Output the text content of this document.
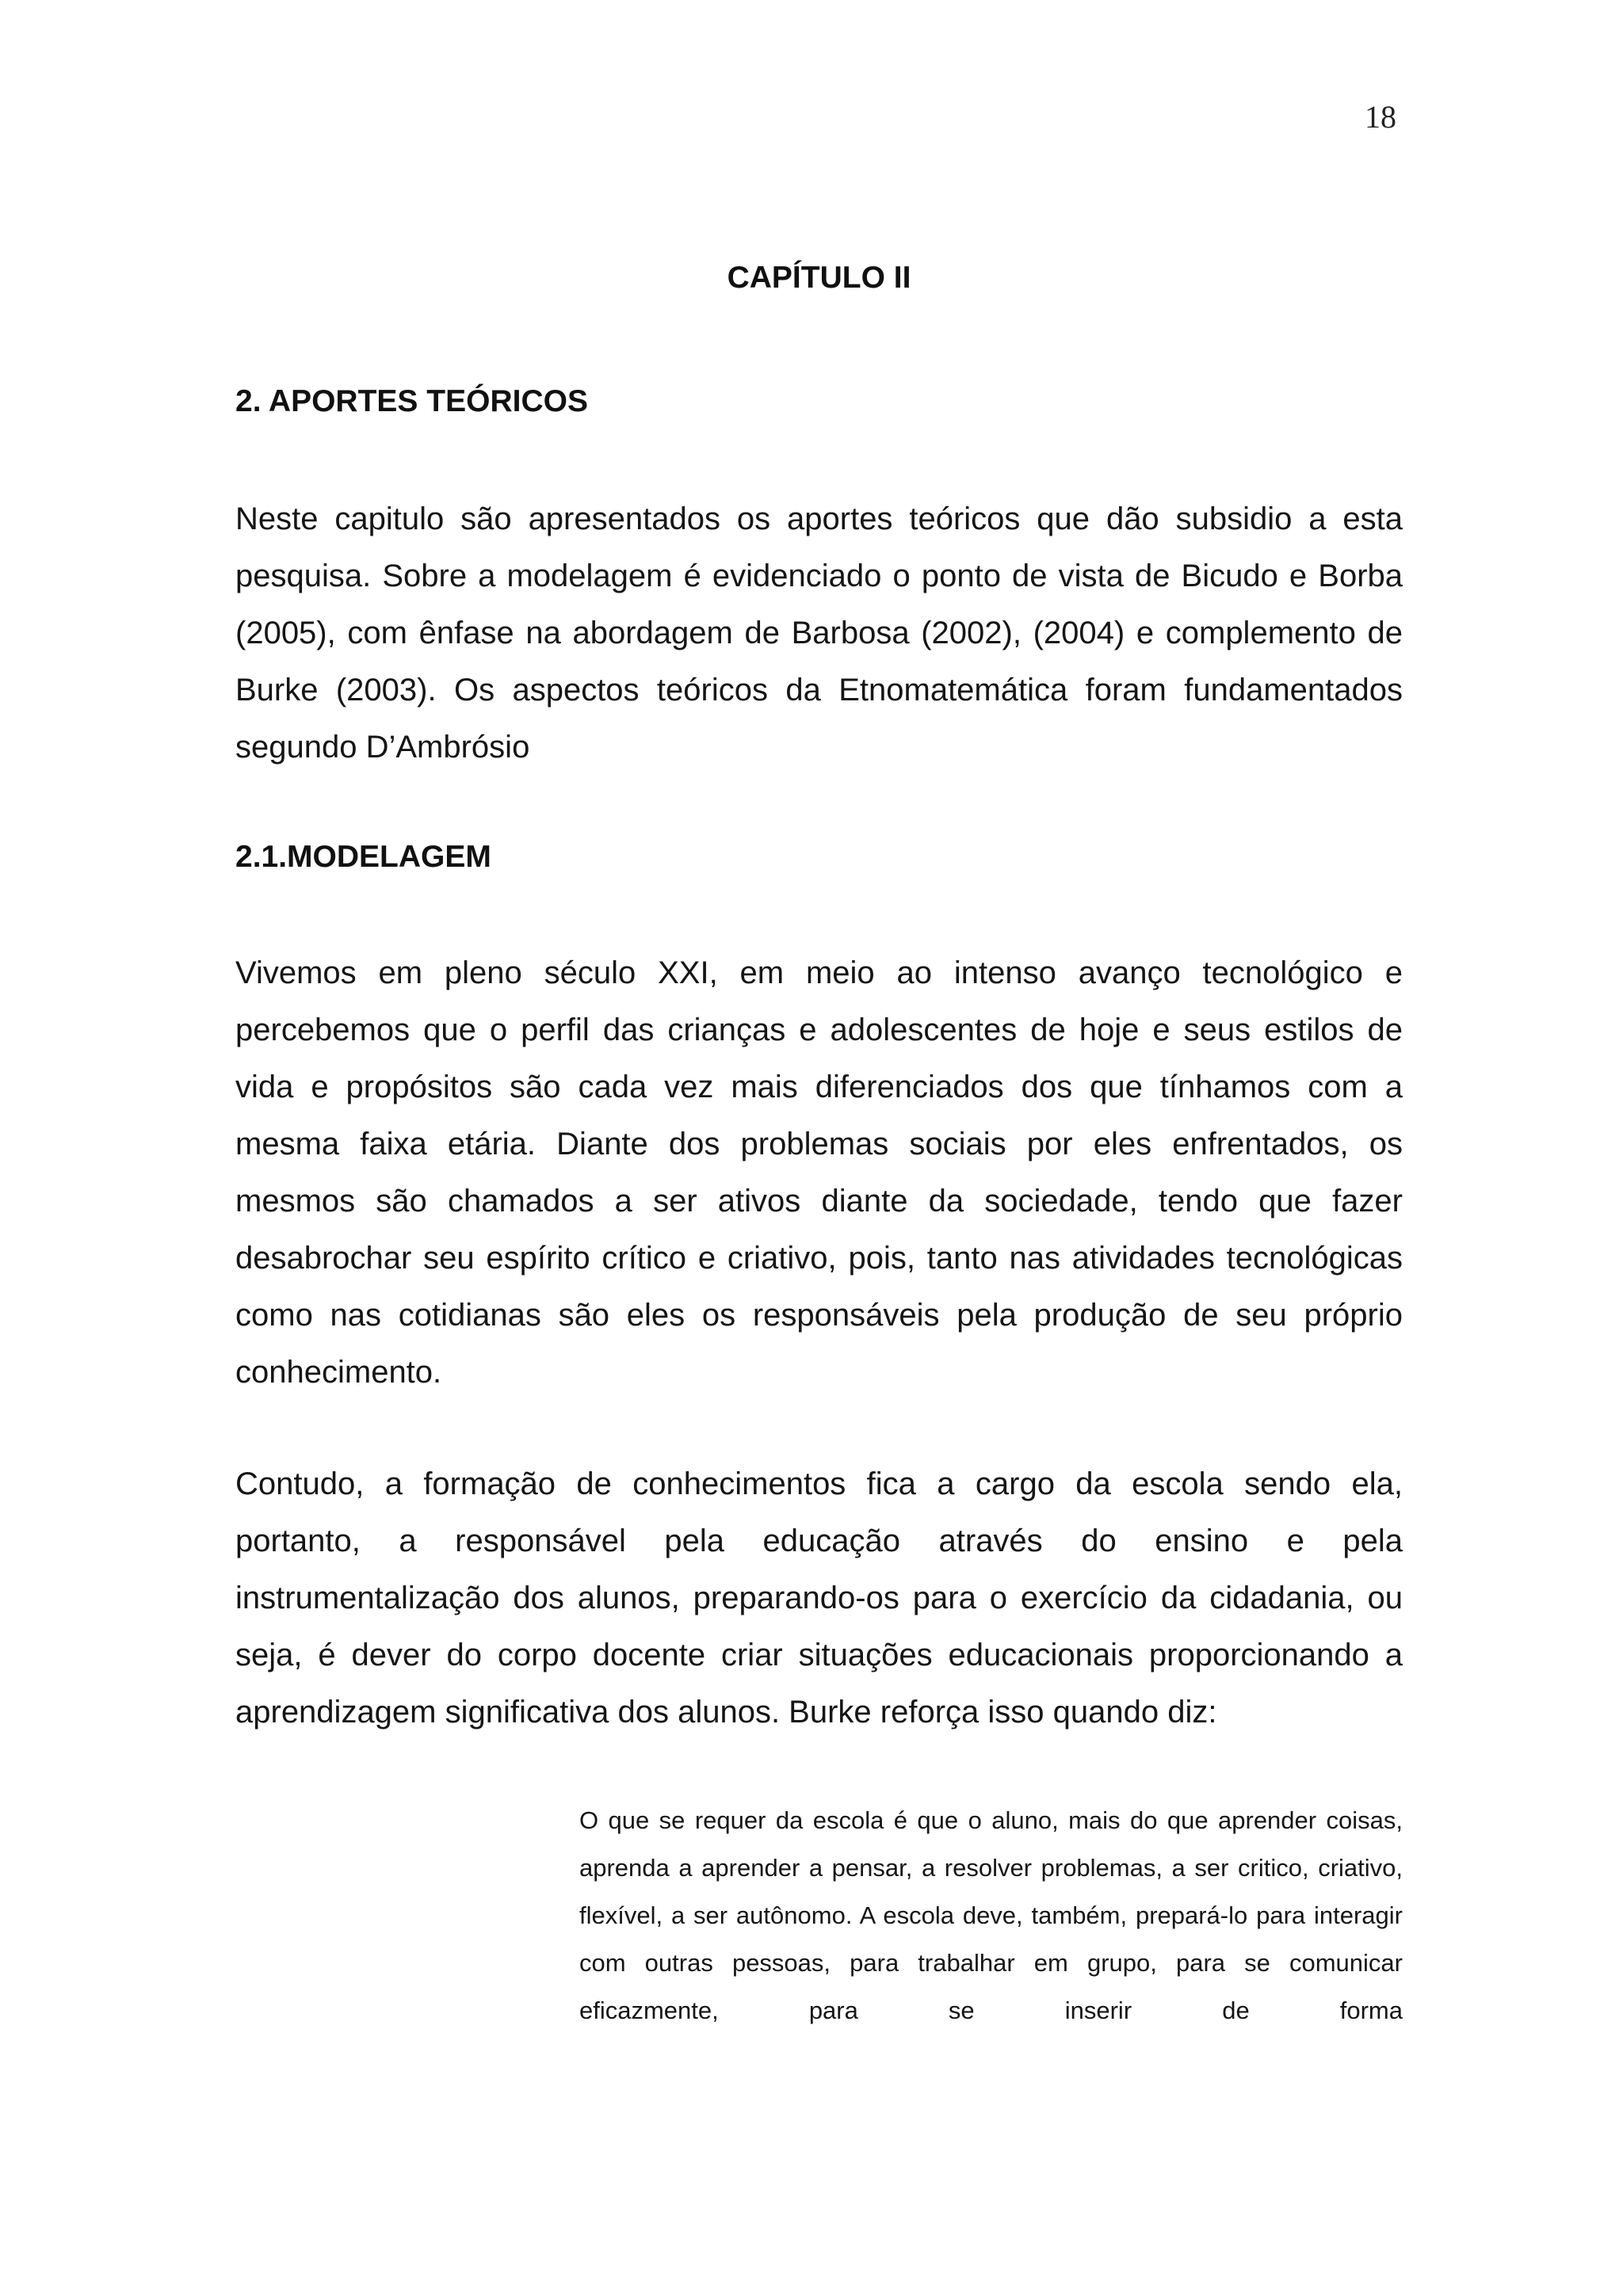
18
CAPÍTULO II
2. APORTES TEÓRICOS

Neste capitulo são apresentados os aportes teóricos que dão subsidio a esta pesquisa. Sobre a modelagem é evidenciado o ponto de vista de Bicudo e Borba (2005), com ênfase na abordagem de Barbosa (2002), (2004) e complemento de Burke (2003). Os aspectos teóricos da Etnomatemática foram fundamentados segundo D’Ambrósio

2.1.MODELAGEM

Vivemos em pleno século XXI, em meio ao intenso avanço tecnológico e percebemos que o perfil das crianças e adolescentes de hoje e seus estilos de vida e propósitos são cada vez mais diferenciados dos que tínhamos com a mesma faixa etária. Diante dos problemas sociais por eles enfrentados, os mesmos são chamados a ser ativos diante da sociedade, tendo que fazer desabrochar seu espírito crítico e criativo, pois, tanto nas atividades tecnológicas como nas cotidianas são eles os responsáveis pela produção de seu próprio conhecimento.

Contudo, a formação de conhecimentos fica a cargo da escola sendo ela, portanto, a responsável pela educação através do ensino e pela instrumentalização dos alunos, preparando-os para o exercício da cidadania, ou seja, é dever do corpo docente criar situações educacionais proporcionando a aprendizagem significativa dos alunos. Burke reforça isso quando diz:

O que se requer da escola é que o aluno, mais do que aprender coisas, aprenda a aprender a pensar, a resolver problemas, a ser critico, criativo, flexível, a ser autônomo. A escola deve, também, prepará-lo para interagir com outras pessoas, para trabalhar em grupo, para se comunicar eficazmente, para se inserir de forma
